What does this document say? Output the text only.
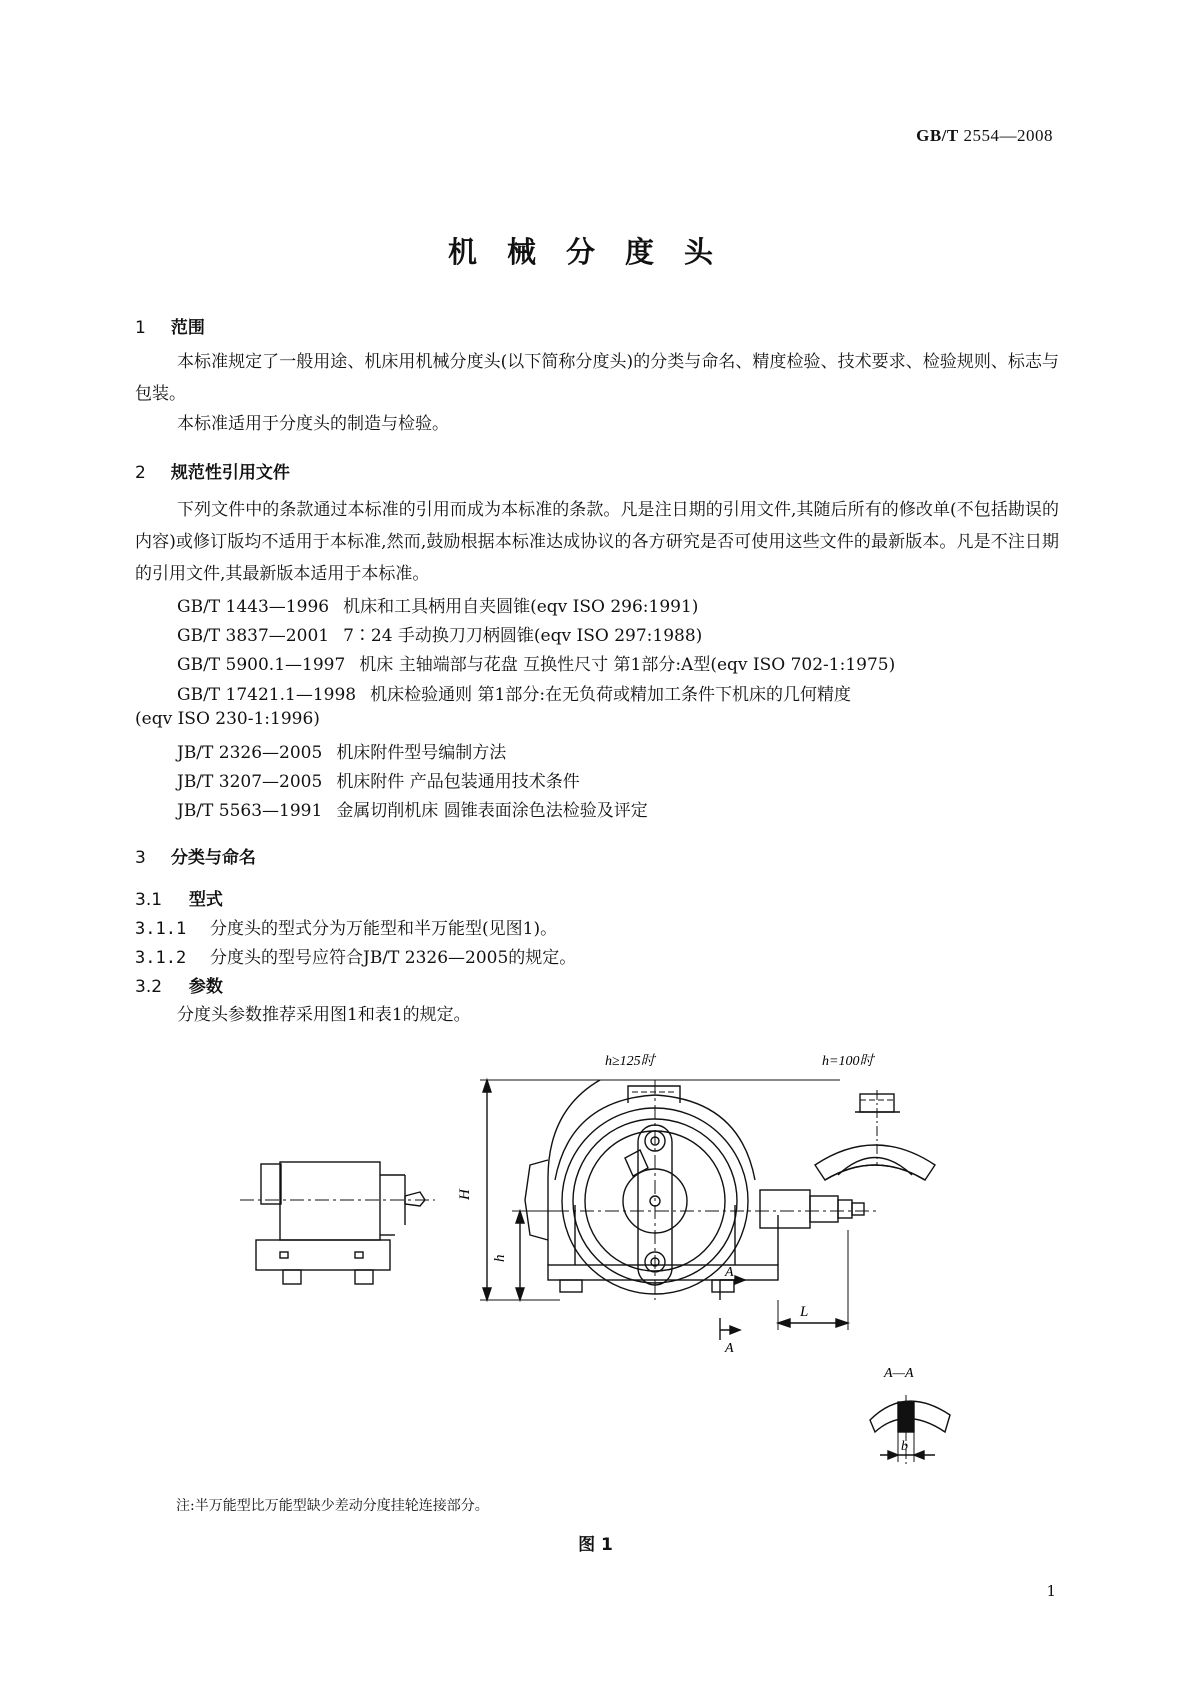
GB/T 2554—2008
机械分度头
1 范围
本标准规定了一般用途、机床用机械分度头(以下简称分度头)的分类与命名、精度检验、技术要求、检验规则、标志与包装。
本标准适用于分度头的制造与检验。
2 规范性引用文件
下列文件中的条款通过本标准的引用而成为本标准的条款。凡是注日期的引用文件,其随后所有的修改单(不包括勘误的内容)或修订版均不适用于本标准,然而,鼓励根据本标准达成协议的各方研究是否可使用这些文件的最新版本。凡是不注日期的引用文件,其最新版本适用于本标准。
GB/T 1443—1996 机床和工具柄用自夹圆锥(eqv ISO 296:1991)
GB/T 3837—2001 7∶24 手动换刀刀柄圆锥(eqv ISO 297:1988)
GB/T 5900.1—1997 机床 主轴端部与花盘 互换性尺寸 第1部分:A型(eqv ISO 702-1:1975)
GB/T 17421.1—1998 机床检验通则 第1部分:在无负荷或精加工条件下机床的几何精度
(eqv ISO 230-1:1996)
JB/T 2326—2005 机床附件型号编制方法
JB/T 3207—2005 机床附件 产品包装通用技术条件
JB/T 5563—1991 金属切削机床 圆锥表面涂色法检验及评定
3 分类与命名
3.1 型式
3.1.1 分度头的型式分为万能型和半万能型(见图1)。
3.1.2 分度头的型号应符合JB/T 2326—2005的规定。
3.2 参数
分度头参数推荐采用图1和表1的规定。
h≥125时	h=100时
H
h
A
A
L
b
A—A
注:半万能型比万能型缺少差动分度挂轮连接部分。
图 1
1
